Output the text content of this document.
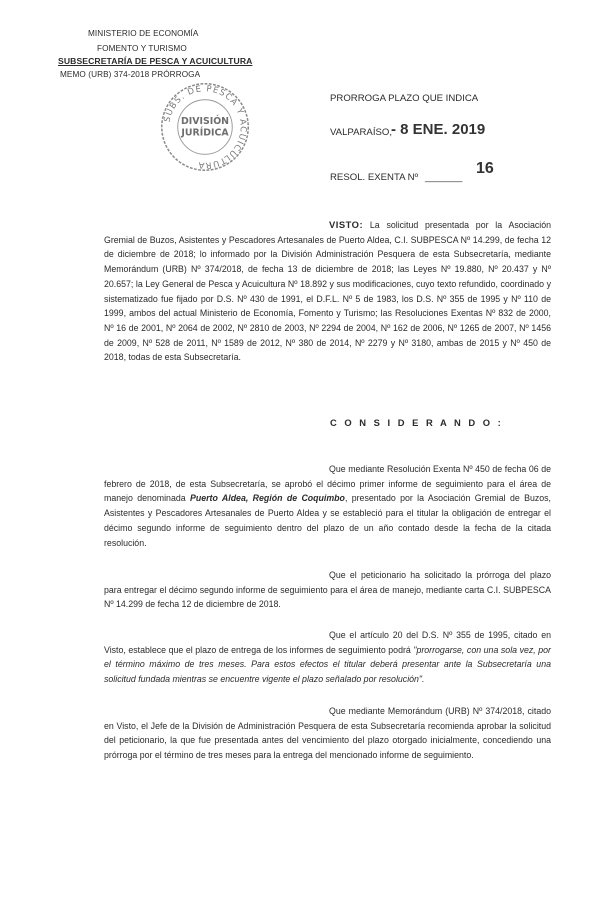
MINISTERIO DE ECONOMÍA
FOMENTO Y TURISMO
SUBSECRETARÍA DE PESCA Y ACUICULTURA
MEMO (URB) 374-2018 PRÓRROGA
SUBS. DE PESCA Y ACUICULTURA
DIVISIÓN
JURÍDICA
PRORROGA PLAZO QUE INDICA
VALPARAÍSO,
- 8 ENE. 2019
RESOL. EXENTA Nº _______
16
VISTO: La solicitud presentada por la Asociación Gremial de Buzos, Asistentes y Pescadores Artesanales de Puerto Aldea, C.I. SUBPESCA Nº 14.299, de fecha 12 de diciembre de 2018; lo informado por la División Administración Pesquera de esta Subsecretaría, mediante Memorándum (URB) Nº 374/2018, de fecha 13 de diciembre de 2018; las Leyes Nº 19.880, Nº 20.437 y Nº 20.657; la Ley General de Pesca y Acuicultura Nº 18.892 y sus modificaciones, cuyo texto refundido, coordinado y sistematizado fue fijado por D.S. Nº 430 de 1991, el D.F.L. Nº 5 de 1983, los D.S. Nº 355 de 1995 y Nº 110 de 1999, ambos del actual Ministerio de Economía, Fomento y Turismo; las Resoluciones Exentas Nº 832 de 2000, Nº 16 de 2001, Nº 2064 de 2002, Nº 2810 de 2003, Nº 2294 de 2004, Nº 162 de 2006, Nº 1265 de 2007, Nº 1456 de 2009, Nº 528 de 2011, Nº 1589 de 2012, Nº 380 de 2014, Nº 2279 y Nº 3180, ambas de 2015 y Nº 450 de 2018, todas de esta Subsecretaría.
C O N S I D E R A N D O :
Que mediante Resolución Exenta Nº 450 de fecha 06 de febrero de 2018, de esta Subsecretaría, se aprobó el décimo primer informe de seguimiento para el área de manejo denominada Puerto Aldea, Región de Coquimbo, presentado por la Asociación Gremial de Buzos, Asistentes y Pescadores Artesanales de Puerto Aldea y se estableció para el titular la obligación de entregar el décimo segundo informe de seguimiento dentro del plazo de un año contado desde la fecha de la citada resolución.
Que el peticionario ha solicitado la prórroga del plazo para entregar el décimo segundo informe de seguimiento para el área de manejo, mediante carta C.I. SUBPESCA Nº 14.299 de fecha 12 de diciembre de 2018.
Que el artículo 20 del D.S. Nº 355 de 1995, citado en Visto, establece que el plazo de entrega de los informes de seguimiento podrá "prorrogarse, con una sola vez, por el término máximo de tres meses. Para estos efectos el titular deberá presentar ante la Subsecretaría una solicitud fundada mientras se encuentre vigente el plazo señalado por resolución".
Que mediante Memorándum (URB) Nº 374/2018, citado en Visto, el Jefe de la División de Administración Pesquera de esta Subsecretaría recomienda aprobar la solicitud del peticionario, la que fue presentada antes del vencimiento del plazo otorgado inicialmente, concediendo una prórroga por el término de tres meses para la entrega del mencionado informe de seguimiento.
